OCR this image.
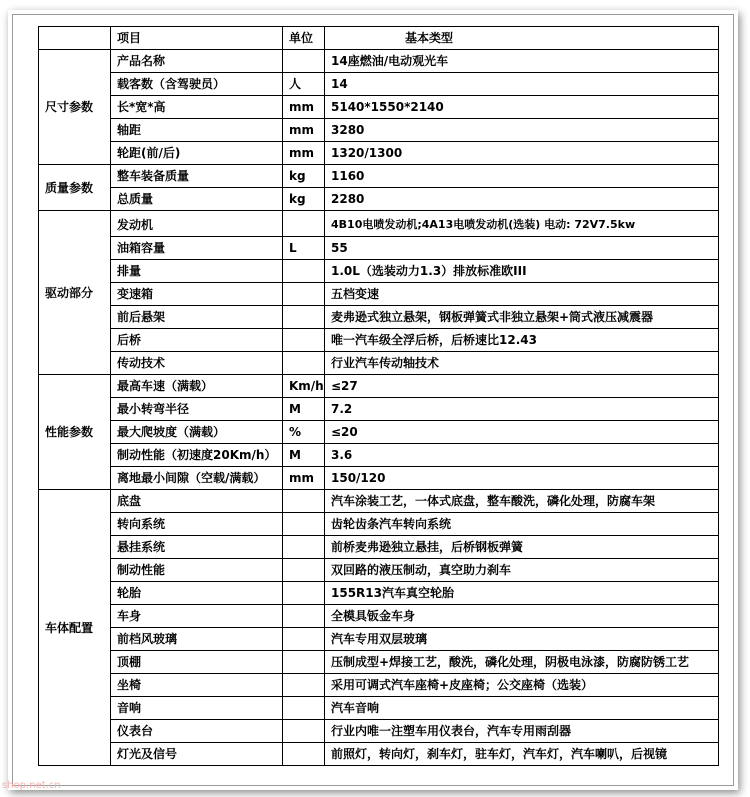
	项目	单位	基本类型
尺寸参数	产品名称		14座燃油/电动观光车
	载客数（含驾驶员）	人	14
	长*宽*高	mm	5140*1550*2140
	轴距	mm	3280
	轮距(前/后)	mm	1320/1300
质量参数	整车装备质量	kg	1160
	总质量	kg	2280
驱动部分	发动机		4B10电喷发动机;4A13电喷发动机(选装) 电动: 72V7.5kw
	油箱容量	L	55
	排量		1.0L（选装动力1.3）排放标准欧III
	变速箱		五档变速
	前后悬架		麦弗逊式独立悬架，钢板弹簧式非独立悬架+筒式液压减震器
	后桥		唯一汽车级全浮后桥，后桥速比12.43
	传动技术		行业汽车传动轴技术
性能参数	最高车速（满载）	Km/h	≤27
	最小转弯半径	M	7.2
	最大爬坡度（满载）	%	≤20
	制动性能（初速度20Km/h）	M	3.6
	离地最小间隙（空载/满载）	mm	150/120
车体配置	底盘		汽车涂装工艺，一体式底盘，整车酸洗，磷化处理，防腐车架
	转向系统		齿轮齿条汽车转向系统
	悬挂系统		前桥麦弗逊独立悬挂，后桥钢板弹簧
	制动性能		双回路的液压制动，真空助力刹车
	轮胎		155R13汽车真空轮胎
	车身		全模具钣金车身
	前档风玻璃		汽车专用双层玻璃
	顶棚		压制成型+焊接工艺，酸洗，磷化处理，阴极电泳漆，防腐防锈工艺
	坐椅		采用可调式汽车座椅+皮座椅；公交座椅（选装）
	音响		汽车音响
	仪表台		行业内唯一注塑车用仪表台，汽车专用雨刮器
	灯光及信号		前照灯，转向灯，刹车灯，驻车灯，汽车灯，汽车喇叭，后视镜
shop.net.cn
